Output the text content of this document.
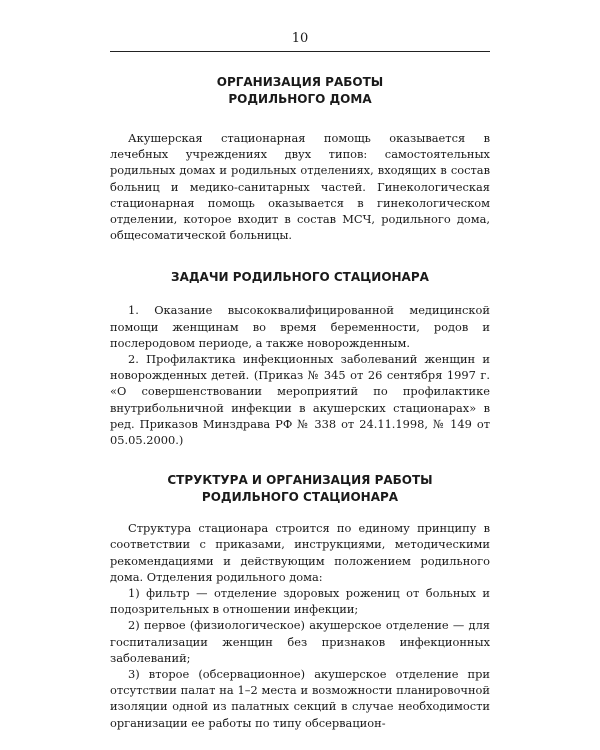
10
ОРГАНИЗАЦИЯ РАБОТЫ
РОДИЛЬНОГО ДОМА

Акушерская стационарная помощь оказывается в лечебных учреждениях двух типов: самостоятельных родильных домах и родильных отделениях, входящих в состав больниц и медико-санитарных частей. Гинекологическая стационарная помощь оказывается в гинекологическом отделении, которое входит в состав МСЧ, родильного дома, общесоматической больницы.

ЗАДАЧИ РОДИЛЬНОГО СТАЦИОНАРА

1. Оказание высококвалифицированной медицинской помощи женщинам во время беременности, родов и послеродовом периоде, а также новорожденным.

2. Профилактика инфекционных заболеваний женщин и новорожденных детей. (Приказ № 345 от 26 сентября 1997 г. «О совершенствовании мероприятий по профилактике внутрибольничной инфекции в акушерских стационарах» в ред. Приказов Минздрава РФ № 338 от 24.11.1998, № 149 от 05.05.2000.)

СТРУКТУРА И ОРГАНИЗАЦИЯ РАБОТЫ
РОДИЛЬНОГО СТАЦИОНАРА

Структура стационара строится по единому принципу в соответствии с приказами, инструкциями, методическими рекомендациями и действующим положением родильного дома. Отделения родильного дома:

1) фильтр — отделение здоровых рожениц от больных и подозрительных в отношении инфекции;

2) первое (физиологическое) акушерское отделение — для госпитализации женщин без признаков инфекционных заболеваний;

3) второе (обсервационное) акушерское отделение при отсутствии палат на 1–2 места и возможности планировочной изоляции одной из палатных секций в случае необходимости организации ее работы по типу обсервацион-
